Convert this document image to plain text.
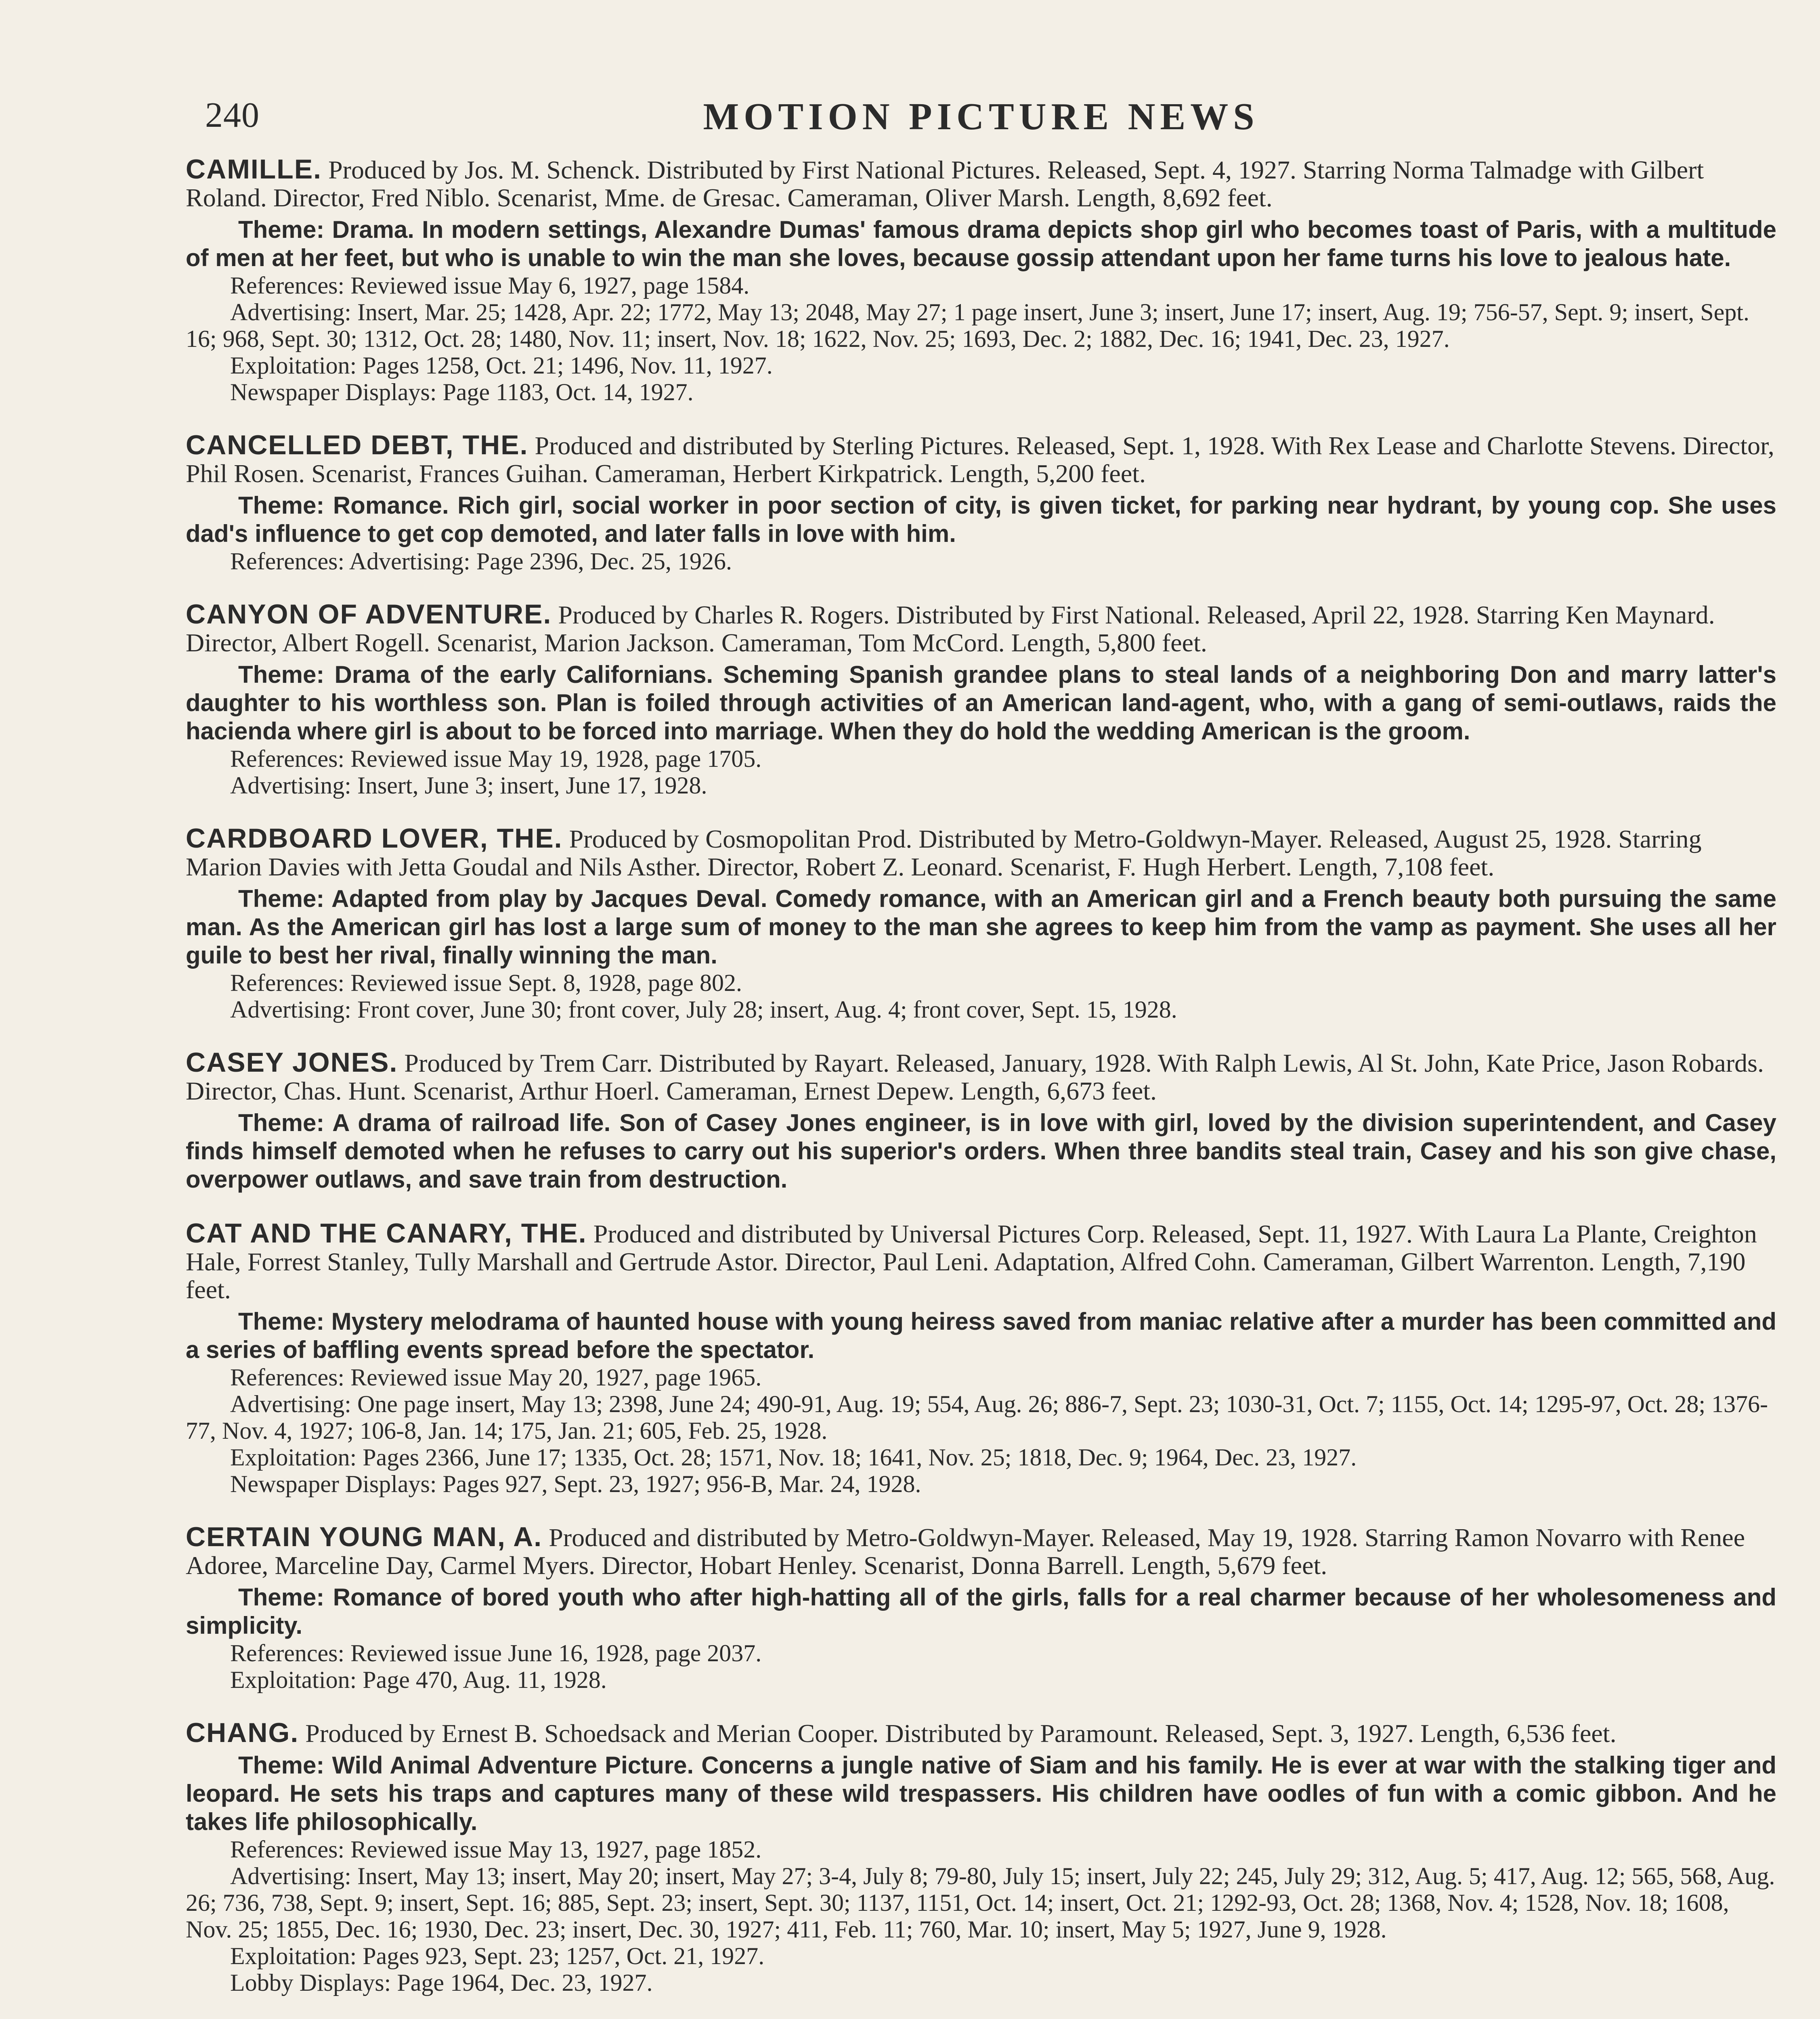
240	MOTION PICTURE NEWS

CAMILLE. Produced by Jos. M. Schenck. Distributed by First National Pictures. Released, Sept. 4, 1927. Starring Norma Talmadge with Gilbert Roland. Director, Fred Niblo. Scenarist, Mme. de Gresac. Cameraman, Oliver Marsh. Length, 8,692 feet.

Theme: Drama. In modern settings, Alexandre Dumas' famous drama depicts shop girl who becomes toast of Paris, with a multitude of men at her feet, but who is unable to win the man she loves, because gossip attendant upon her fame turns his love to jealous hate.

References: Reviewed issue May 6, 1927, page 1584.

Advertising: Insert, Mar. 25; 1428, Apr. 22; 1772, May 13; 2048, May 27; 1 page insert, June 3; insert, June 17; insert, Aug. 19; 756-57, Sept. 9; insert, Sept. 16; 968, Sept. 30; 1312, Oct. 28; 1480, Nov. 11; insert, Nov. 18; 1622, Nov. 25; 1693, Dec. 2; 1882, Dec. 16; 1941, Dec. 23, 1927.

Exploitation: Pages 1258, Oct. 21; 1496, Nov. 11, 1927.

Newspaper Displays: Page 1183, Oct. 14, 1927.

CANCELLED DEBT, THE. Produced and distributed by Sterling Pictures. Released, Sept. 1, 1928. With Rex Lease and Charlotte Stevens. Director, Phil Rosen. Scenarist, Frances Guihan. Cameraman, Herbert Kirkpatrick. Length, 5,200 feet.

Theme: Romance. Rich girl, social worker in poor section of city, is given ticket, for parking near hydrant, by young cop. She uses dad's influence to get cop demoted, and later falls in love with him.

References: Advertising: Page 2396, Dec. 25, 1926.

CANYON OF ADVENTURE. Produced by Charles R. Rogers. Distributed by First National. Released, April 22, 1928. Starring Ken Maynard. Director, Albert Rogell. Scenarist, Marion Jackson. Cameraman, Tom McCord. Length, 5,800 feet.

Theme: Drama of the early Californians. Scheming Spanish grandee plans to steal lands of a neighboring Don and marry latter's daughter to his worthless son. Plan is foiled through activities of an American land-agent, who, with a gang of semi-outlaws, raids the hacienda where girl is about to be forced into marriage. When they do hold the wedding American is the groom.

References: Reviewed issue May 19, 1928, page 1705.

Advertising: Insert, June 3; insert, June 17, 1928.

CARDBOARD LOVER, THE. Produced by Cosmopolitan Prod. Distributed by Metro-Goldwyn-Mayer. Released, August 25, 1928. Starring Marion Davies with Jetta Goudal and Nils Asther. Director, Robert Z. Leonard. Scenarist, F. Hugh Herbert. Length, 7,108 feet.

Theme: Adapted from play by Jacques Deval. Comedy romance, with an American girl and a French beauty both pursuing the same man. As the American girl has lost a large sum of money to the man she agrees to keep him from the vamp as payment. She uses all her guile to best her rival, finally winning the man.

References: Reviewed issue Sept. 8, 1928, page 802.

Advertising: Front cover, June 30; front cover, July 28; insert, Aug. 4; front cover, Sept. 15, 1928.

CASEY JONES. Produced by Trem Carr. Distributed by Rayart. Released, January, 1928. With Ralph Lewis, Al St. John, Kate Price, Jason Robards. Director, Chas. Hunt. Scenarist, Arthur Hoerl. Cameraman, Ernest Depew. Length, 6,673 feet.

Theme: A drama of railroad life. Son of Casey Jones engineer, is in love with girl, loved by the division superintendent, and Casey finds himself demoted when he refuses to carry out his superior's orders. When three bandits steal train, Casey and his son give chase, overpower outlaws, and save train from destruction.

CAT AND THE CANARY, THE. Produced and distributed by Universal Pictures Corp. Released, Sept. 11, 1927. With Laura La Plante, Creighton Hale, Forrest Stanley, Tully Marshall and Gertrude Astor. Director, Paul Leni. Adaptation, Alfred Cohn. Cameraman, Gilbert Warrenton. Length, 7,190 feet.

Theme: Mystery melodrama of haunted house with young heiress saved from maniac relative after a murder has been committed and a series of baffling events spread before the spectator.

References: Reviewed issue May 20, 1927, page 1965.

Advertising: One page insert, May 13; 2398, June 24; 490-91, Aug. 19; 554, Aug. 26; 886-7, Sept. 23; 1030-31, Oct. 7; 1155, Oct. 14; 1295-97, Oct. 28; 1376-77, Nov. 4, 1927; 106-8, Jan. 14; 175, Jan. 21; 605, Feb. 25, 1928.

Exploitation: Pages 2366, June 17; 1335, Oct. 28; 1571, Nov. 18; 1641, Nov. 25; 1818, Dec. 9; 1964, Dec. 23, 1927.

Newspaper Displays: Pages 927, Sept. 23, 1927; 956-B, Mar. 24, 1928.

CERTAIN YOUNG MAN, A. Produced and distributed by Metro-Goldwyn-Mayer. Released, May 19, 1928. Starring Ramon Novarro with Renee Adoree, Marceline Day, Carmel Myers. Director, Hobart Henley. Scenarist, Donna Barrell. Length, 5,679 feet.

Theme: Romance of bored youth who after high-hatting all of the girls, falls for a real charmer because of her wholesomeness and simplicity.

References: Reviewed issue June 16, 1928, page 2037.

Exploitation: Page 470, Aug. 11, 1928.

CHANG. Produced by Ernest B. Schoedsack and Merian Cooper. Distributed by Paramount. Released, Sept. 3, 1927. Length, 6,536 feet.

Theme: Wild Animal Adventure Picture. Concerns a jungle native of Siam and his family. He is ever at war with the stalking tiger and leopard. He sets his traps and captures many of these wild trespassers. His children have oodles of fun with a comic gibbon. And he takes life philosophically.

References: Reviewed issue May 13, 1927, page 1852.

Advertising: Insert, May 13; insert, May 20; insert, May 27; 3-4, July 8; 79-80, July 15; insert, July 22; 245, July 29; 312, Aug. 5; 417, Aug. 12; 565, 568, Aug. 26; 736, 738, Sept. 9; insert, Sept. 16; 885, Sept. 23; insert, Sept. 30; 1137, 1151, Oct. 14; insert, Oct. 21; 1292-93, Oct. 28; 1368, Nov. 4; 1528, Nov. 18; 1608, Nov. 25; 1855, Dec. 16; 1930, Dec. 23; insert, Dec. 30, 1927; 411, Feb. 11; 760, Mar. 10; insert, May 5; 1927, June 9, 1928.

Exploitation: Pages 923, Sept. 23; 1257, Oct. 21, 1927.

Lobby Displays: Page 1964, Dec. 23, 1927.
